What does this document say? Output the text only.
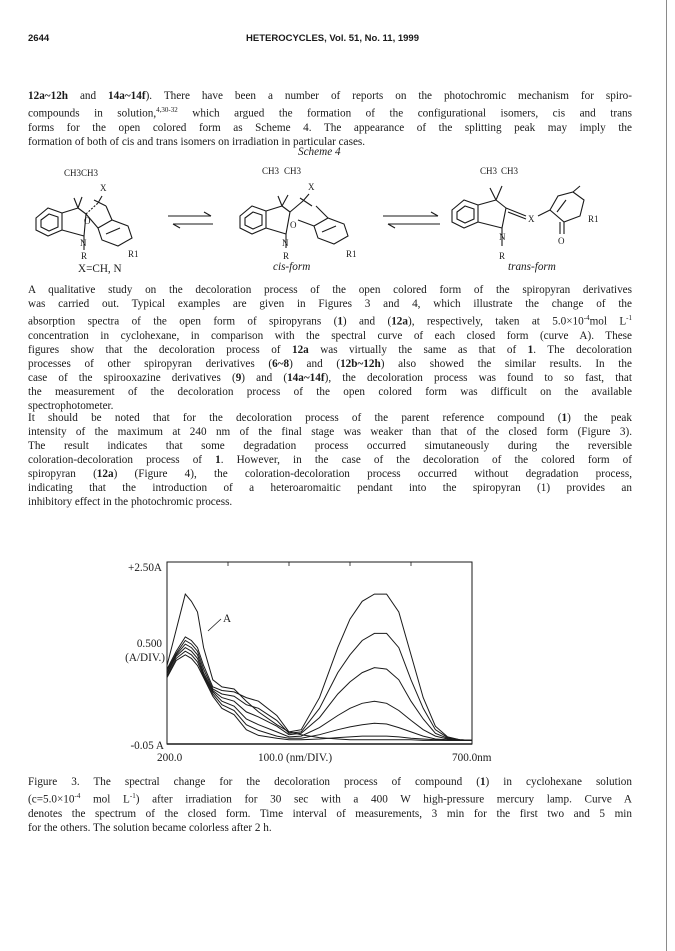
2644	HETEROCYCLES, Vol. 51, No. 11, 1999
12a~12h and 14a~14f). There have been a number of reports on the photochromic mechanism for spiro-
compounds in solution,$^{4,30-32}$ which argued the formation of the configurational isomers, cis and trans
forms for the open colored form as Scheme 4. The appearance of the splitting peak may imply the
formation of both of cis and trans isomers on irradiation in particular cases.
Scheme 4
CH3 CH3
X
N
O
R	R1
CH3 CH3
X
N
O
R	R1
CH3 CH3
X
N	O
R
R1
X=CH, N	cis-form	trans-form
A qualitative study on the decoloration process of the open colored form of the spiropyran derivatives
was carried out. Typical examples are given in Figures 3 and 4, which illustrate the change of the
absorption spectra of the open form of spiropyrans (1) and (12a), respectively, taken at $5.0\times 10^{-4}mol$ $L^{-1}$
concentration in cyclohexane, in comparison with the spectral curve of each closed form (curve A). These
figures show that the decoloration process of 12a was virtually the same as that of 1. The decoloration
processes of other spiropyran derivatives (6~8) and (12b~12h) also showed the similar results. In the
case of the spirooxazine derivatives (9) and (14a~14f), the decoloration process was found to so fast, that
the measurement of the decoloration process of the open colored form was difficult on the available
spectrophotometer.
It should be noted that for the decoloration process of the parent reference compound (1) the peak
intensity of the maximum at 240 nm of the final stage was weaker than that of the closed form (Figure 3).
The result indicates that some degradation process occurred simutaneously during the reversible
coloration-decoloration process of 1. However, in the case of the decoloration of the colored form of
spiropyran (12a) (Figure 4), the coloration-decoloration process occurred without degradation process,
indicating that the introduction of a heteroaromaitic pendant into the spiropyran (1) provides an
inhibitory effect in the photochromic process.
+2.50A
0.500
(A/DIV.)
-0.05 A
200.0	100.0 (nm/DIV.)	700.0nm
A
Figure 3. The spectral change for the decoloration process of compound (1) in cyclohexane solution
($c=5.0\times 10^{-4}$ mol $L^{-1}$) after irradiation for 30 sec with a 400 W high-pressure mercury lamp. Curve A
denotes the spectrum of the closed form. Time interval of measurements, 3 min for the first two and 5 min
for the others. The solution became colorless after 2 h.
